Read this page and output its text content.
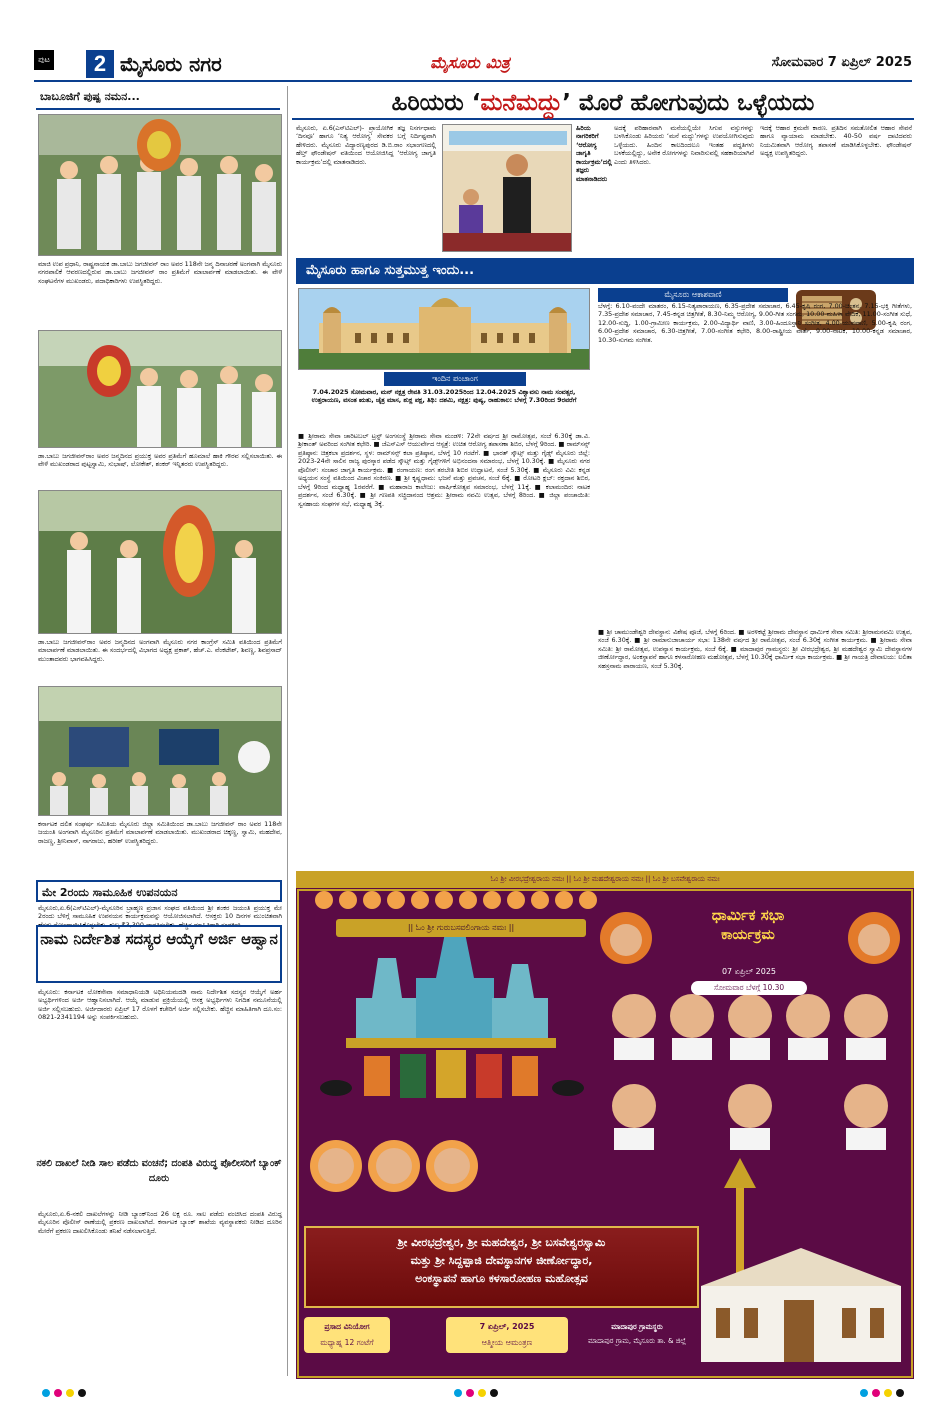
ಪುಟ	2 ಮೈಸೂರು ನಗರ	ಮೈಸೂರು ಮಿತ್ರ	ಸೋಮವಾರ 7 ಏಪ್ರಿಲ್ 2025
ಬಾಬೂಜಿಗೆ ಪುಷ್ಪ ನಮನ...
ಮಾಜಿ ಉಪ ಪ್ರಧಾನಿ, ರಾಷ್ಟ್ರನಾಯಕ ಡಾ.ಬಾಬು ಜಗಜೀವನ್ ರಾಂ ಅವರ 118ನೇ ಜನ್ಮ ದಿನಾಚರಣೆ ಅಂಗವಾಗಿ ಮೈಸೂರು ನಗರಪಾಲಿಕೆ ಆವರಣದಲ್ಲಿರುವ ಡಾ.ಬಾಬು ಜಗಜೀವನ್ ರಾಂ ಪ್ರತಿಮೆಗೆ ಮಾಲಾರ್ಪಣೆ ಮಾಡಲಾಯಿತು. ಈ ವೇಳೆ ಸಂಘಟನೆಗಳ ಮುಖಂಡರು, ಪದಾಧಿಕಾರಿಗಳು ಉಪಸ್ಥಿತರಿದ್ದರು.
ಡಾ.ಬಾಬು ಜಗಜೀವನ್‌ರಾಂ ಅವರ ಜನ್ಮದಿನದ ಪ್ರಯುಕ್ತ ಅವರ ಪ್ರತಿಮೆಗೆ ಹೂಮಾಲೆ ಹಾಕಿ ಗೌರವ ಸಲ್ಲಿಸಲಾಯಿತು. ಈ ವೇಳೆ ಮುಖಂಡರಾದ ಪುಟ್ಟಸ್ವಾಮಿ, ಸುಭಾಷ್, ಲೋಕೇಶ್, ಶಂಕರ್ ಇನ್ನಿತರರು ಉಪಸ್ಥಿತರಿದ್ದರು.
ಡಾ.ಬಾಬು ಜಗಜೀವನ್‌ರಾಂ ಅವರ ಜನ್ಮದಿನದ ಅಂಗವಾಗಿ ಮೈಸೂರು ನಗರ ಕಾಂಗ್ರೆಸ್ ಸಮಿತಿ ವತಿಯಿಂದ ಪ್ರತಿಮೆಗೆ ಮಾಲಾರ್ಪಣೆ ಮಾಡಲಾಯಿತು. ಈ ಸಂದರ್ಭದಲ್ಲಿ ವಿಭಾಗದ ಅಧ್ಯಕ್ಷ ಪ್ರಕಾಶ್, ಹೆಚ್.ಎ. ವೆಂಕಟೇಶ್, ಶಿವಣ್ಣ, ಶಿವಪ್ರಸಾದ್ ಮುಂತಾದವರು ಭಾಗವಹಿಸಿದ್ದರು.
ಕರ್ನಾಟಕ ದಲಿತ ಸಂಘರ್ಷ ಸಮಿತಿಯ ಮೈಸೂರು ಜಿಲ್ಲಾ ಸಮಿತಿಯಿಂದ ಡಾ.ಬಾಬು ಜಗಜೀವನ್ ರಾಂ ಅವರ 118ನೇ ಜಯಂತಿ ಅಂಗವಾಗಿ ಮೈಸೂರಿನ ಪ್ರತಿಮೆಗೆ ಮಾಲಾರ್ಪಣೆ ಮಾಡಲಾಯಿತು. ಮುಖಂಡರಾದ ಚಿಕ್ಕಣ್ಣ, ಸ್ವಾಮಿ, ಮಹದೇವ, ರಾಜಣ್ಣ, ಶ್ರೀನಿವಾಸ್, ನಾಗರಾಜು, ಹರೀಶ್ ಉಪಸ್ಥಿತರಿದ್ದರು.
ಮೇ 2ರಂದು ಸಾಮೂಹಿಕ ಉಪನಯನ
ಮೈಸೂರು,ಏ.6(ಎಸ್‌ಟಿಎಲ್)-ಮೈಸೂರಿನ ಬ್ರಾಹ್ಮಣ ಪ್ರಜಾಸ ಸಂಘದ ವತಿಯಿಂದ ಶ್ರೀ ಶಂಕರ ಜಯಂತಿ ಪ್ರಯುಕ್ತ ಮೇ 2ರಂದು ಬೆಳಿಗ್ಗೆ ಸಾಮೂಹಿಕ ಉಪನಯನ ಕಾರ್ಯಕ್ರಮವನ್ನು ಆಯೋಜಿಸಲಾಗಿದೆ. ಆಸಕ್ತರು 10 ದಿನಗಳ ಮುಂಚಿತವಾಗಿ ಹೆಸರು ನೋಂದಾಯಿಸಿಕೊಳ್ಳಬೇಕು. ಶುಲ್ಕ ₹3,300 ಪಾವತಿಸಬೇಕು. ಹೆಚ್ಚಿನ ಮಾಹಿತಿಗಾಗಿ ಸಂಪರ್ಕಿಸಿ.
ನಾಮ ನಿರ್ದೇಶಿತ ಸದಸ್ಯರ ಆಯ್ಕೆಗೆ ಅರ್ಜಿ ಆಹ್ವಾನ
ಮೈಸೂರು: ಕರ್ನಾಟಕ ಲೋಕಸೇವಾ ಸಮಾಧಾನಿಯಡಿ ಅಧಿನಿಯಮದಡಿ ನಾಮ ನಿರ್ದೇಶಿತ ಸದಸ್ಯರ ಆಯ್ಕೆಗೆ ಅರ್ಹ ಅಭ್ಯರ್ಥಿಗಳಿಂದ ಅರ್ಜಿ ಆಹ್ವಾನಿಸಲಾಗಿದೆ. ಆಯ್ಕೆ ಮಾಡುವ ಪ್ರಕ್ರಿಯೆಯಲ್ಲಿ ಆಸಕ್ತ ಅಭ್ಯರ್ಥಿಗಳು ನಿಗದಿತ ನಮೂನೆಯಲ್ಲಿ ಅರ್ಜಿ ಸಲ್ಲಿಸಬಹುದು. ಅರ್ಜಿದಾರರು ಏಪ್ರಿಲ್ 17 ರೊಳಗೆ ಕಚೇರಿಗೆ ಅರ್ಜಿ ಸಲ್ಲಿಸಬೇಕು. ಹೆಚ್ಚಿನ ಮಾಹಿತಿಗಾಗಿ ದೂ.ಸಂ: 0821-2341194 ಅನ್ನು ಸಂಪರ್ಕಿಸಬಹುದು.
ನಕಲಿ ದಾಖಲೆ ನೀಡಿ ಸಾಲ ಪಡೆದು ವಂಚನೆ; ದಂಪತಿ ವಿರುದ್ಧ ಪೊಲೀಸರಿಗೆ ಬ್ಯಾಂಕ್ ದೂರು
ಮೈಸೂರು,ಏ.6-ನಕಲಿ ದಾಖಲೆಗಳನ್ನು ನೀಡಿ ಬ್ಯಾಂಕ್‌ನಿಂದ 26 ಲಕ್ಷ ರೂ. ಸಾಲ ಪಡೆದು ವಂಚಿಸಿದ ದಂಪತಿ ವಿರುದ್ಧ ಮೈಸೂರಿನ ಪೊಲೀಸ್ ಠಾಣೆಯಲ್ಲಿ ಪ್ರಕರಣ ದಾಖಲಾಗಿದೆ. ಕರ್ನಾಟಕ ಬ್ಯಾಂಕ್ ಶಾಖೆಯ ವ್ಯವಸ್ಥಾಪಕರು ನೀಡಿದ ದೂರಿನ ಮೇರೆಗೆ ಪ್ರಕರಣ ದಾಖಲಿಸಿಕೊಂಡು ತನಿಖೆ ನಡೆಸಲಾಗುತ್ತಿದೆ.
ಹಿರಿಯರು ‘ಮನೆಮದ್ದು’ ಮೊರೆ ಹೋಗುವುದು ಒಳ್ಳೆಯದು
ಮೈಸೂರು, ಏ.6(ಎಸ್‌ಟಿಎಲ್)- ಪ್ರಾಯೋಗಿಕ ತಜ್ಞ ನಿಸರ್ಗಧಾಮ ‘ದಿನವೂ’ ಹಾಗೂ ‘ನಿತ್ಯ ಆರೋಗ್ಯ’ ಸೇವಕರ ಬಗ್ಗೆ ನಿರ್ದಿಷ್ಟವಾಗಿ ಹೇಳಿದರು. ಮೈಸೂರು ವಿದ್ಯಾರಣ್ಯಪುರದ ಡಿ.ಬಿ.ರಾಂ ಸಭಾಂಗಣದಲ್ಲಿ ಹೆಲ್ತ್ ಫೌಂಡೇಷನ್ ವತಿಯಿಂದ ಆಯೋಜಿಸಿದ್ದ ‘ಆರೋಗ್ಯ ಜಾಗೃತಿ ಕಾರ್ಯಕ್ರಮ’ದಲ್ಲಿ ಮಾತನಾಡಿದರು.
ಹಿರಿಯ ನಾಗರಿಕರಿಗೆ ‘ಆರೋಗ್ಯ ಜಾಗೃತಿ ಕಾರ್ಯಕ್ರಮ’ದಲ್ಲಿ ತಜ್ಞರು ಮಾತನಾಡಿದರು
ಅದಕ್ಕೆ ಪರಿಹಾರವಾಗಿ ಮನೆಯಲ್ಲಿಯೇ ಸಿಗುವ ವಸ್ತುಗಳನ್ನು ಬಳಸಿಕೊಂಡು ಹಿರಿಯರು ‘ಮನೆ ಮದ್ದು’ಗಳನ್ನು ಉಪಯೋಗಿಸುವುದು ಒಳ್ಳೆಯದು. ಹಿಂದಿನ ಕಾಲದಿಂದಲೂ ಇಂತಹ ಪದ್ಧತಿಗಳು ಬಳಕೆಯಲ್ಲಿದ್ದು, ಅನೇಕ ರೋಗಗಳನ್ನು ನಿವಾರಿಸುವಲ್ಲಿ ಸಹಕಾರಿಯಾಗಿವೆ ಎಂದು ತಿಳಿಸಿದರು.
ಇದಕ್ಕೆ ಆಹಾರ ಕ್ರಮವೇ ಕಾರಣ. ಪ್ರತಿದಿನ ಸಮತೋಲಿತ ಆಹಾರ ಸೇವನೆ ಹಾಗೂ ವ್ಯಾಯಾಮ ಮಾಡಬೇಕು. 40-50 ವರ್ಷ ದಾಟಿದವರು ನಿಯಮಿತವಾಗಿ ಆರೋಗ್ಯ ತಪಾಸಣೆ ಮಾಡಿಸಿಕೊಳ್ಳಬೇಕು. ಫೌಂಡೇಷನ್ ಅಧ್ಯಕ್ಷ ಉಪಸ್ಥಿತರಿದ್ದರು.
ಮೈಸೂರು ಹಾಗೂ ಸುತ್ತಮುತ್ತ ಇಂದು...
ಇಂದಿನ ಪಂಚಾಂಗ
7.04.2025 ಸೋಮವಾರ, ಮನ್ ನಕ್ಷತ್ರ ರೇವತಿ 31.03.2025ರಿಂದ 12.04.2025 ವಿಶ್ವಾವಸು ನಾಮ ಸಂವತ್ಸರ, ಉತ್ತರಾಯಣ, ವಸಂತ ಋತು, ಚೈತ್ರ ಮಾಸ, ಶುಕ್ಲ ಪಕ್ಷ, ತಿಥಿ: ದಶಮಿ, ನಕ್ಷತ್ರ: ಪುಷ್ಯ, ರಾಹುಕಾಲ: ಬೆಳಗ್ಗೆ 7.30ರಿಂದ 9ರವರೆಗೆ
■ ಶ್ರೀರಾಮ ಸೇವಾ ಚಾರಿಟಬಲ್ ಟ್ರಸ್ಟ್ ಅಂಗಸಂಸ್ಥೆ ಶ್ರೀರಾಮ ಸೇವಾ ಮಂಡಳಿ: 72ನೇ ವರ್ಷದ ಶ್ರೀ ರಾಮೋತ್ಸವ, ಸಂಜೆ 6.30ಕ್ಕೆ ಡಾ.ವಿ. ಶ್ರೀಕಾಂತ್ ಅವರಿಂದ ಸಂಗೀತ ಕಛೇರಿ. ■ ಜೆಎಸ್‌ಎಸ್ ಆಯುರ್ವೇದ ಆಸ್ಪತ್ರೆ: ಉಚಿತ ಆರೋಗ್ಯ ತಪಾಸಣಾ ಶಿಬಿರ, ಬೆಳಗ್ಗೆ 9ರಿಂದ. ■ ರಾಮ್‌ಸನ್ಸ್ ಪ್ರತಿಷ್ಠಾನ: ಚಿತ್ರಕಲಾ ಪ್ರದರ್ಶನ, ಸ್ಥಳ: ರಾಮ್‌ಸನ್ಸ್ ಕಲಾ ಪ್ರತಿಷ್ಠಾನ, ಬೆಳಗ್ಗೆ 10 ಗಂಟೆಗೆ. ■ ಭಾರತ್ ಸ್ಕೌಟ್ಸ್ ಮತ್ತು ಗೈಡ್ಸ್ ಮೈಸೂರು ಜಿಲ್ಲೆ: 2023-24ನೇ ಸಾಲಿನ ರಾಜ್ಯ ಪುರಸ್ಕಾರ ಪಡೆದ ಸ್ಕೌಟ್ಸ್ ಮತ್ತು ಗೈಡ್ಸ್‌ಗಳಿಗೆ ಅಭಿನಂದನಾ ಸಮಾರಂಭ, ಬೆಳಗ್ಗೆ 10.30ಕ್ಕೆ. ■ ಮೈಸೂರು ನಗರ ಪೊಲೀಸ್: ಸಂಚಾರ ಜಾಗೃತಿ ಕಾರ್ಯಕ್ರಮ. ■ ರಂಗಾಯಣ: ರಂಗ ತರಬೇತಿ ಶಿಬಿರ ಉದ್ಘಾಟನೆ, ಸಂಜೆ 5.30ಕ್ಕೆ. ■ ಮೈಸೂರು ವಿವಿ: ಕನ್ನಡ ಅಧ್ಯಯನ ಸಂಸ್ಥೆ ವತಿಯಿಂದ ವಿಚಾರ ಸಂಕಿರಣ. ■ ಶ್ರೀ ಕೃಷ್ಣಧಾಮ: ಭಜನೆ ಮತ್ತು ಪ್ರವಚನ, ಸಂಜೆ 6ಕ್ಕೆ. ■ ರೋಟರಿ ಕ್ಲಬ್: ರಕ್ತದಾನ ಶಿಬಿರ, ಬೆಳಗ್ಗೆ 9ರಿಂದ ಮಧ್ಯಾಹ್ನ 1ರವರೆಗೆ. ■ ಮಹಾರಾಜ ಕಾಲೇಜು: ವಾರ್ಷಿಕೋತ್ಸವ ಸಮಾರಂಭ, ಬೆಳಗ್ಗೆ 11ಕ್ಕೆ. ■ ಕಲಾಮಂದಿರ: ನಾಟಕ ಪ್ರದರ್ಶನ, ಸಂಜೆ 6.30ಕ್ಕೆ. ■ ಶ್ರೀ ಗಣಪತಿ ಸಚ್ಚಿದಾನಂದ ಆಶ್ರಮ: ಶ್ರೀರಾಮ ನವಮಿ ಉತ್ಸವ, ಬೆಳಗ್ಗೆ 8ರಿಂದ. ■ ಜಿಲ್ಲಾ ಪಂಚಾಯಿತಿ: ಸ್ವಸಹಾಯ ಸಂಘಗಳ ಸಭೆ, ಮಧ್ಯಾಹ್ನ 3ಕ್ಕೆ.
ಮೈಸೂರು ಆಕಾಶವಾಣಿ
ಬೆಳಗ್ಗೆ: 6.10-ವಂದೇ ಮಾತರಂ, 6.15-ನಿತ್ಯಪಾರಾಯಣ, 6.35-ಪ್ರದೇಶ ಸಮಾಚಾರ, 6.45-ಕೃಷಿ ರಂಗ, 7.00-ಚಿಂತನ, 7.15-ಭಕ್ತಿ ಗೀತೆಗಳು, 7.35-ಪ್ರದೇಶ ಸಮಾಚಾರ, 7.45-ಕನ್ನಡ ಚಿತ್ರಗೀತೆ, 8.30-ನಿಮ್ಮ ಆರೋಗ್ಯ, 9.00-ಗೀತ ಸಂಗಮ, 10.00-ಮಹಿಳಾ ವೇದಿಕೆ, 11.00-ಸಂಗೀತ ಸುಧೆ, 12.00-ಸುದ್ದಿ, 1.00-ಗ್ರಾಮೀಣ ಕಾರ್ಯಕ್ರಮ, 2.00-ವಿದ್ಯಾರ್ಥಿ ವಾಣಿ, 3.00-ಹಿಂದೂಸ್ತಾನಿ ಸಂಗೀತ, 4.00-ಯುವವಾಣಿ, 5.00-ಕೃಷಿ ರಂಗ, 6.00-ಪ್ರದೇಶ ಸಮಾಚಾರ, 6.30-ಚಿತ್ರಗೀತೆ, 7.00-ಸಂಗೀತ ಕಛೇರಿ, 8.00-ರಾಷ್ಟ್ರೀಯ ವಾರ್ತೆ, 9.00-ನಾಟಕ, 10.00-ಕನ್ನಡ ಸಮಾಚಾರ, 10.30-ಸುಗಮ ಸಂಗೀತ.
■ ಶ್ರೀ ಚಾಮುಂಡೇಶ್ವರಿ ದೇವಸ್ಥಾನ: ವಿಶೇಷ ಪೂಜೆ, ಬೆಳಗ್ಗೆ 6ರಿಂದ. ■ ಅರಳಿಕಟ್ಟೆ ಶ್ರೀರಾಮ ದೇವಸ್ಥಾನ ಧಾರ್ಮಿಕ ಸೇವಾ ಸಮಿತಿ: ಶ್ರೀರಾಮನವಮಿ ಉತ್ಸವ, ಸಂಜೆ 6.30ಕ್ಕೆ. ■ ಶ್ರೀ ರಾಮಾನುಜಾಚಾರ್ಯ ಸಭಾ: 138ನೇ ವರ್ಷದ ಶ್ರೀ ರಾಮೋತ್ಸವ, ಸಂಜೆ 6.30ಕ್ಕೆ ಸಂಗೀತ ಕಾರ್ಯಕ್ರಮ. ■ ಶ್ರೀರಾಮ ಸೇವಾ ಸಮಿತಿ: ಶ್ರೀ ರಾಮೋತ್ಸವ, ಉಪನ್ಯಾಸ ಕಾರ್ಯಕ್ರಮ, ಸಂಜೆ 6ಕ್ಕೆ. ■ ಮಾದಾಪುರ ಗ್ರಾಮಸ್ಥರು: ಶ್ರೀ ವೀರಭದ್ರೇಶ್ವರ, ಶ್ರೀ ಮಹದೇಶ್ವರ ಸ್ವಾಮಿ ದೇವಸ್ಥಾನಗಳ ಜೀರ್ಣೋದ್ಧಾರ, ಅಂಕಸ್ಥಾಪನೆ ಹಾಗೂ ಕಳಸಾರೋಹಣ ಮಹೋತ್ಸವ, ಬೆಳಗ್ಗೆ 10.30ಕ್ಕೆ ಧಾರ್ಮಿಕ ಸಭಾ ಕಾರ್ಯಕ್ರಮ. ■ ಶ್ರೀ ಗಾಯತ್ರಿ ದೇವಾಲಯ: ಲಲಿತಾ ಸಹಸ್ರನಾಮ ಪಾರಾಯಣ, ಸಂಜೆ 5.30ಕ್ಕೆ.
ಓಂ ಶ್ರೀ ವೀರಭದ್ರೇಶ್ವರಾಯ ನಮಃ || ಓಂ ಶ್ರೀ ಮಹದೇಶ್ವರಾಯ ನಮಃ || ಓಂ ಶ್ರೀ ಬಸವೇಶ್ವರಾಯ ನಮಃ
|| ಓಂ ಶ್ರೀ ಗುರುಬಸವಲಿಂಗಾಯ ನಮಃ ||
ಧಾರ್ಮಿಕ ಸಭಾ
ಕಾರ್ಯಕ್ರಮ
07 ಏಪ್ರಿಲ್ 2025
ಸೋಮವಾರ ಬೆಳಗ್ಗೆ 10.30
ಶ್ರೀ ವೀರಭದ್ರೇಶ್ವರ, ಶ್ರೀ ಮಹದೇಶ್ವರ, ಶ್ರೀ ಬಸವೇಶ್ವರಸ್ವಾಮಿ
ಮತ್ತು ಶ್ರೀ ಸಿದ್ದಪ್ಪಾಜಿ ದೇವಸ್ಥಾನಗಳ ಜೀರ್ಣೋದ್ಧಾರ,
ಅಂಕಸ್ಥಾಪನೆ ಹಾಗೂ ಕಳಸಾರೋಹಣ ಮಹೋತ್ಸವ
ಪ್ರಸಾದ ವಿನಿಯೋಗ
ಮಧ್ಯಾಹ್ನ 12 ಗಂಟೆಗೆ
7 ಏಪ್ರಿಲ್, 2025
ಆತ್ಮೀಯ ಆಮಂತ್ರಣ
ಮಾದಾಪುರ ಗ್ರಾಮಸ್ಥರು
ಮಾದಾಪುರ ಗ್ರಾಮ, ಮೈಸೂರು ತಾ. & ಜಿಲ್ಲೆ
